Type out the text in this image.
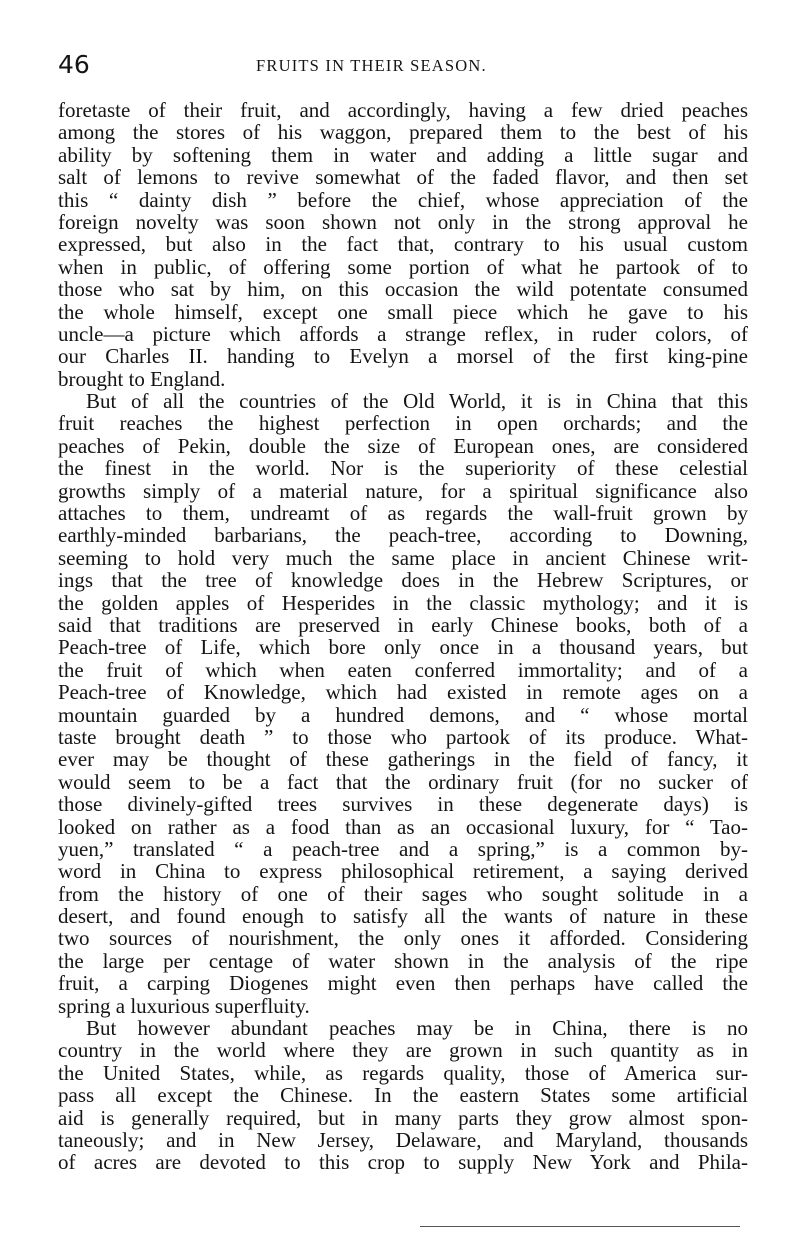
46	FRUITS IN THEIR SEASON.
foretaste of their fruit, and accordingly, having a few dried peaches
among the stores of his waggon, prepared them to the best of his
ability by softening them in water and adding a little sugar and
salt of lemons to revive somewhat of the faded flavor, and then set
this “ dainty dish ” before the chief, whose appreciation of the
foreign novelty was soon shown not only in the strong approval he
expressed, but also in the fact that, contrary to his usual custom
when in public, of offering some portion of what he partook of to
those who sat by him, on this occasion the wild potentate consumed
the whole himself, except one small piece which he gave to his
uncle—a picture which affords a strange reflex, in ruder colors, of
our Charles II. handing to Evelyn a morsel of the first king-pine
brought to England.
But of all the countries of the Old World, it is in China that this
fruit reaches the highest perfection in open orchards; and the
peaches of Pekin, double the size of European ones, are considered
the finest in the world. Nor is the superiority of these celestial
growths simply of a material nature, for a spiritual significance also
attaches to them, undreamt of as regards the wall-fruit grown by
earthly-minded barbarians, the peach-tree, according to Downing,
seeming to hold very much the same place in ancient Chinese writ-
ings that the tree of knowledge does in the Hebrew Scriptures, or
the golden apples of Hesperides in the classic mythology; and it is
said that traditions are preserved in early Chinese books, both of a
Peach-tree of Life, which bore only once in a thousand years, but
the fruit of which when eaten conferred immortality; and of a
Peach-tree of Knowledge, which had existed in remote ages on a
mountain guarded by a hundred demons, and “ whose mortal
taste brought death ” to those who partook of its produce. What-
ever may be thought of these gatherings in the field of fancy, it
would seem to be a fact that the ordinary fruit (for no sucker of
those divinely-gifted trees survives in these degenerate days) is
looked on rather as a food than as an occasional luxury, for “ Tao-
yuen,” translated “ a peach-tree and a spring,” is a common by-
word in China to express philosophical retirement, a saying derived
from the history of one of their sages who sought solitude in a
desert, and found enough to satisfy all the wants of nature in these
two sources of nourishment, the only ones it afforded. Considering
the large per centage of water shown in the analysis of the ripe
fruit, a carping Diogenes might even then perhaps have called the
spring a luxurious superfluity.
But however abundant peaches may be in China, there is no
country in the world where they are grown in such quantity as in
the United States, while, as regards quality, those of America sur-
pass all except the Chinese. In the eastern States some artificial
aid is generally required, but in many parts they grow almost spon-
taneously; and in New Jersey, Delaware, and Maryland, thousands
of acres are devoted to this crop to supply New York and Phila-
